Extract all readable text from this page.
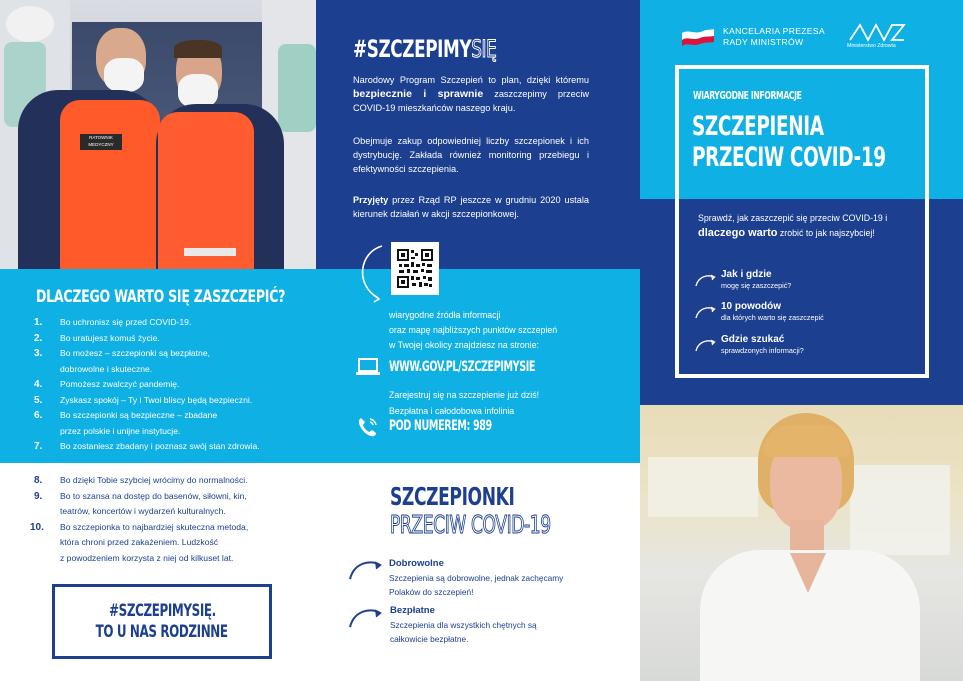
RATOWNIK MEDYCZNY
DLACZEGO WARTO SIĘ ZASZCZEPIĆ?
1.	Bo uchronisz się przed COVID-19.
2.	Bo uratujesz komuś życie.
3.	Bo możesz – szczepionki są bezpłatne,
dobrowolne i skuteczne.
4.	Pomożesz zwalczyć pandemię.
5.	Zyskasz spokój – Ty i Twoi bliscy będą bezpieczni.
6.	Bo szczepionki są bezpieczne – zbadane
przez polskie i unijne instytucje.
7.	Bo zostaniesz zbadany i poznasz swój stan zdrowia.
8.	Bo dzięki Tobie szybciej wrócimy do normalności.
9.	Bo to szansa na dostęp do basenów, siłowni, kin,
teatrów, koncertów i wydarzeń kulturalnych.
10.	Bo szczepionka to najbardziej skuteczna metoda,
która chroni przed zakażeniem. Ludzkość
z powodzeniem korzysta z niej od kilkuset lat.
#SZCZEPIMYSIĘ.
TO U NAS RODZINNE
#SZCZEPIMYSIĘ

Narodowy Program Szczepień to plan, dzięki któremu bezpiecznie i sprawnie zaszczepimy przeciw COVID-19 mieszkańców naszego kraju.

Obejmuje zakup odpowiedniej liczby szczepionek i ich dystrybucję. Zakłada również monitoring przebiegu i efektywności szczepienia.

Przyjęty przez Rząd RP jeszcze w grudniu 2020 ustala kierunek działań w akcji szczepionkowej.

wiarygodne źródła informacji
oraz mapę najbliższych punktów szczepień
w Twojej okolicy znajdziesz na stronie:
WWW.GOV.PL/SZCZEPIMYSIE
Zarejestruj się na szczepienie już dziś!
Bezpłatna i całodobowa infolinia
POD NUMEREM: 989
SZCZEPIONKI
PRZECIW COVID-19
Dobrowolne
Szczepienia są dobrowolne, jednak zachęcamy
Polaków do szczepień!
Bezpłatne
Szczepienia dla wszystkich chętnych są
całkowicie bezpłatne.
KANCELARIA PREZESA
RADY MINISTRÓW	Ministerstwo Zdrowia
WIARYGODNE INFORMACJE
SZCZEPIENIA
PRZECIW COVID-19

Sprawdź, jak zaszczepić się przeciw COVID-19 i dlaczego warto zrobić to jak najszybciej!

Jak i gdzie
mogę się zaszczepić?
10 powodów
dla których warto się zaszczepić
Gdzie szukać
sprawdzonych informacji?
